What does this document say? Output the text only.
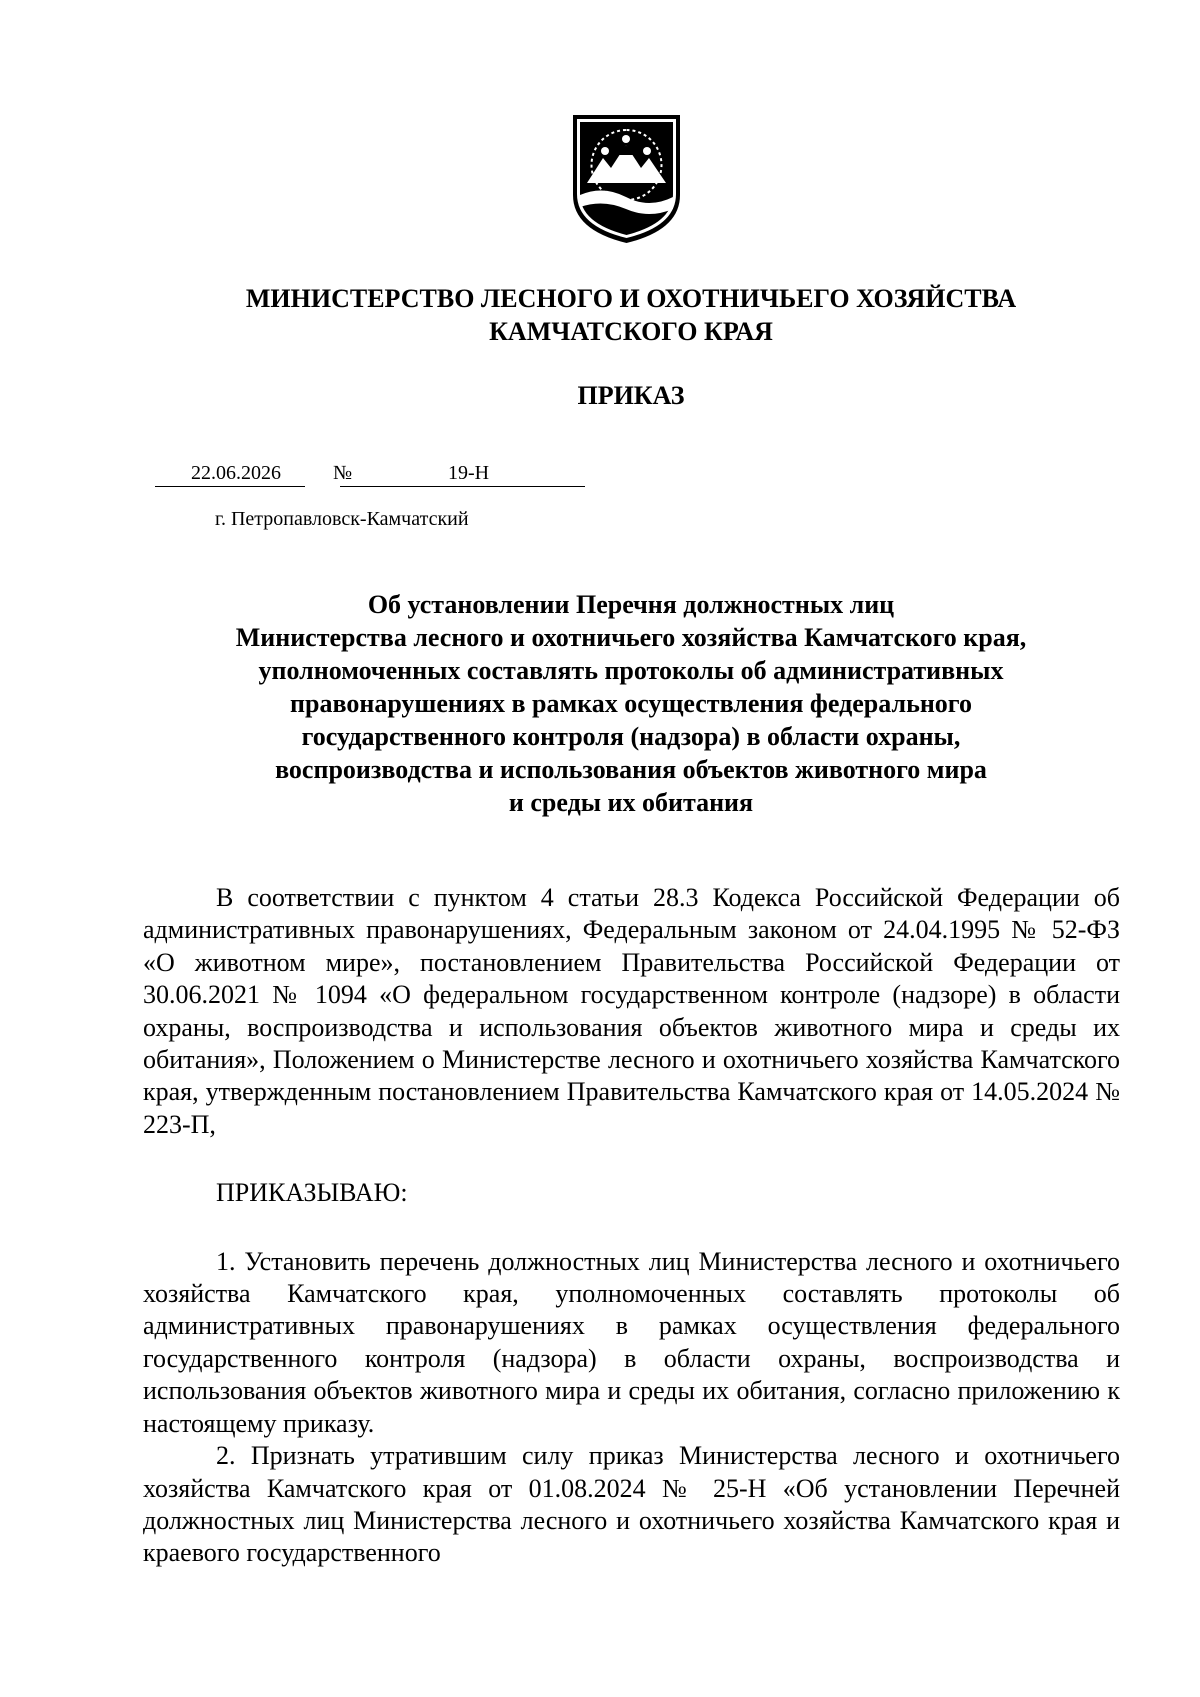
МИНИСТЕРСТВО ЛЕСНОГО И ОХОТНИЧЬЕГО ХОЗЯЙСТВА
КАМЧАТСКОГО КРАЯ
ПРИКАЗ
22.06.2026	№	19-Н
г. Петропавловск-Камчатский
Об установлении Перечня должностных лиц
Министерства лесного и охотничьего хозяйства Камчатского края,
уполномоченных составлять протоколы об административных
правонарушениях в рамках осуществления федерального
государственного контроля (надзора) в области охраны,
воспроизводства и использования объектов животного мира
и среды их обитания

В соответствии с пунктом 4 статьи 28.3 Кодекса Российской Федерации об административных правонарушениях, Федеральным законом от 24.04.1995 № 52-ФЗ «О животном мире», постановлением Правительства Российской Федерации от 30.06.2021 № 1094 «О федеральном государственном контроле (надзоре) в области охраны, воспроизводства и использования объектов животного мира и среды их обитания», Положением о Министерстве лесного и охотничьего хозяйства Камчатского края, утвержденным постановлением Правительства Камчатского края от 14.05.2024 № 223-П,

ПРИКАЗЫВАЮ:

1. Установить перечень должностных лиц Министерства лесного и охотничьего хозяйства Камчатского края, уполномоченных составлять протоколы об административных правонарушениях в рамках осуществления федерального государственного контроля (надзора) в области охраны, воспроизводства и использования объектов животного мира и среды их обитания, согласно приложению к настоящему приказу.

2. Признать утратившим силу приказ Министерства лесного и охотничьего хозяйства Камчатского края от 01.08.2024 № 25-Н «Об установлении Перечней должностных лиц Министерства лесного и охотничьего хозяйства Камчатского края и краевого государственного
